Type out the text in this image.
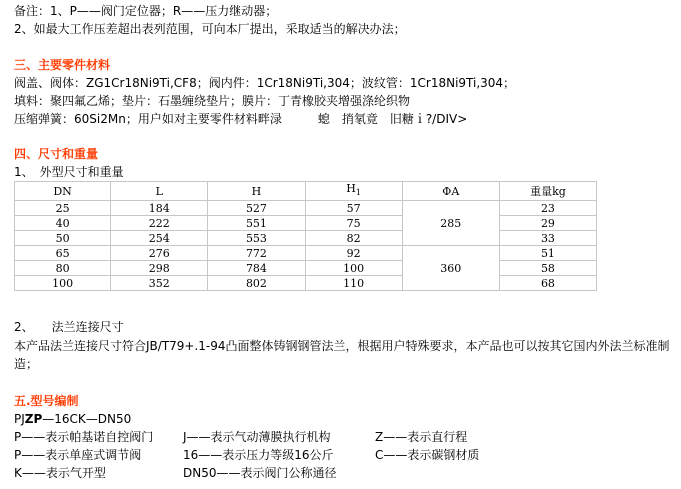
备注：1、P——阀门定位器；R——压力继动器；
2、如最大工作压差超出表列范围，可向本厂提出，采取适当的解决办法；
三、主要零件材料
阀盖、阀体：ZG1Cr18Ni9Ti,CF8；阀内件：1Cr18Ni9Ti,304；波纹管：1Cr18Ni9Ti,304；
填料：聚四氟乙烯；垫片：石墨缠绕垫片；膜片：丁青橡胶夹增强涤纶织物
压缩弹簧：60Si2Mn；用户如对主要零件材料畔渌　　　螅　捎氡竟　旧糖ｉ?/DIV>
四、尺寸和重量
1、　外型尺寸和重量
DN	L	H	$H_1$	ΦA	重量kg
25	184	527	57	285	23
40	222	551	75		29
50	254	553	82		33
65	276	772	92	360	51
80	298	784	100		58
100	352	802	110		68
2、　　法兰连接尺寸
本产品法兰连接尺寸符合JB/T79+.1-94凸面整体铸钢钢管法兰，根据用户特殊要求，本产品也可以按其它国内外法兰标准制
造；
五.型号编制
PJZP—16CK—DN50
P——表示帕基诺自控阀门 J——表示气动薄膜执行机构	Z——表示直行程
P——表示单座式调节阀	16——表示压力等级16公斤	C——表示碳钢材质
K——表示气开型	DN50——表示阀门公称通径
